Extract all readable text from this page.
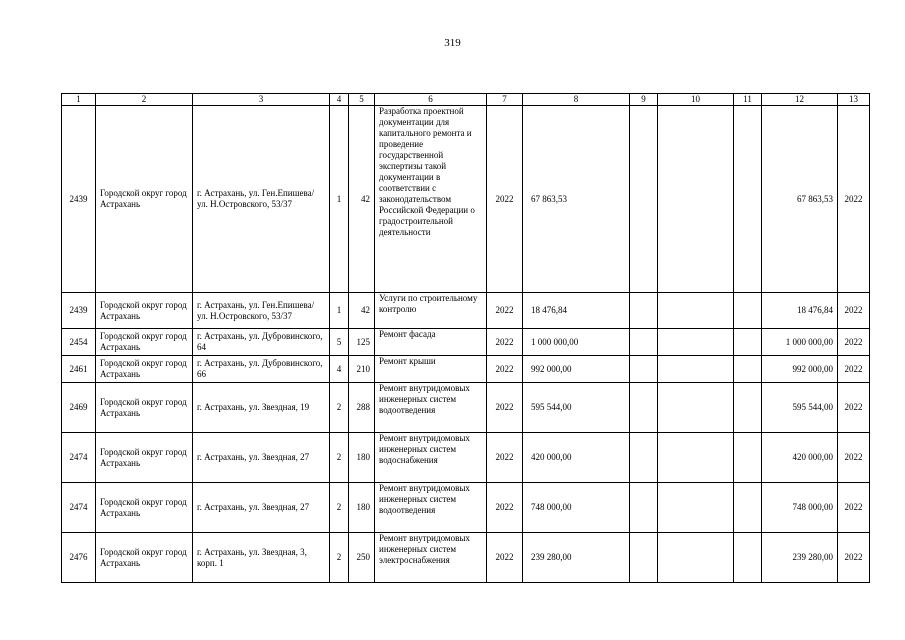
319
1	2	3	4	5	6	7	8	9	10	11	12	13
2439	Городской округ город Астрахань	г. Астрахань, ул. Ген.Епишева/ ул. Н.Островского, 53/37	1	42	Разработка проектной документации для капитального ремонта и проведение государственной экспертизы такой документации в соответствии с законодательством Российской Федерации о градостроительной деятельности	2022	67 863,53				67 863,53	2022
2439	Городской округ город Астрахань	г. Астрахань, ул. Ген.Епишева/ ул. Н.Островского, 53/37	1	42	Услуги по строительному контролю	2022	18 476,84				18 476,84	2022
2454	Городской округ город Астрахань	г. Астрахань, ул. Дубровинского, 64	5	125	Ремонт фасада	2022	1 000 000,00				1 000 000,00	2022
2461	Городской округ город Астрахань	г. Астрахань, ул. Дубровинского, 66	4	210	Ремонт крыши	2022	992 000,00				992 000,00	2022
2469	Городской округ город Астрахань	г. Астрахань, ул. Звездная, 19	2	288	Ремонт внутридомовых инженерных систем водоотведения	2022	595 544,00				595 544,00	2022
2474	Городской округ город Астрахань	г. Астрахань, ул. Звездная, 27	2	180	Ремонт внутридомовых инженерных систем водоснабжения	2022	420 000,00				420 000,00	2022
2474	Городской округ город Астрахань	г. Астрахань, ул. Звездная, 27	2	180	Ремонт внутридомовых инженерных систем водоотведения	2022	748 000,00				748 000,00	2022
2476	Городской округ город Астрахань	г. Астрахань, ул. Звездная, 3, корп. 1	2	250	Ремонт внутридомовых инженерных систем электроснабжения	2022	239 280,00				239 280,00	2022
